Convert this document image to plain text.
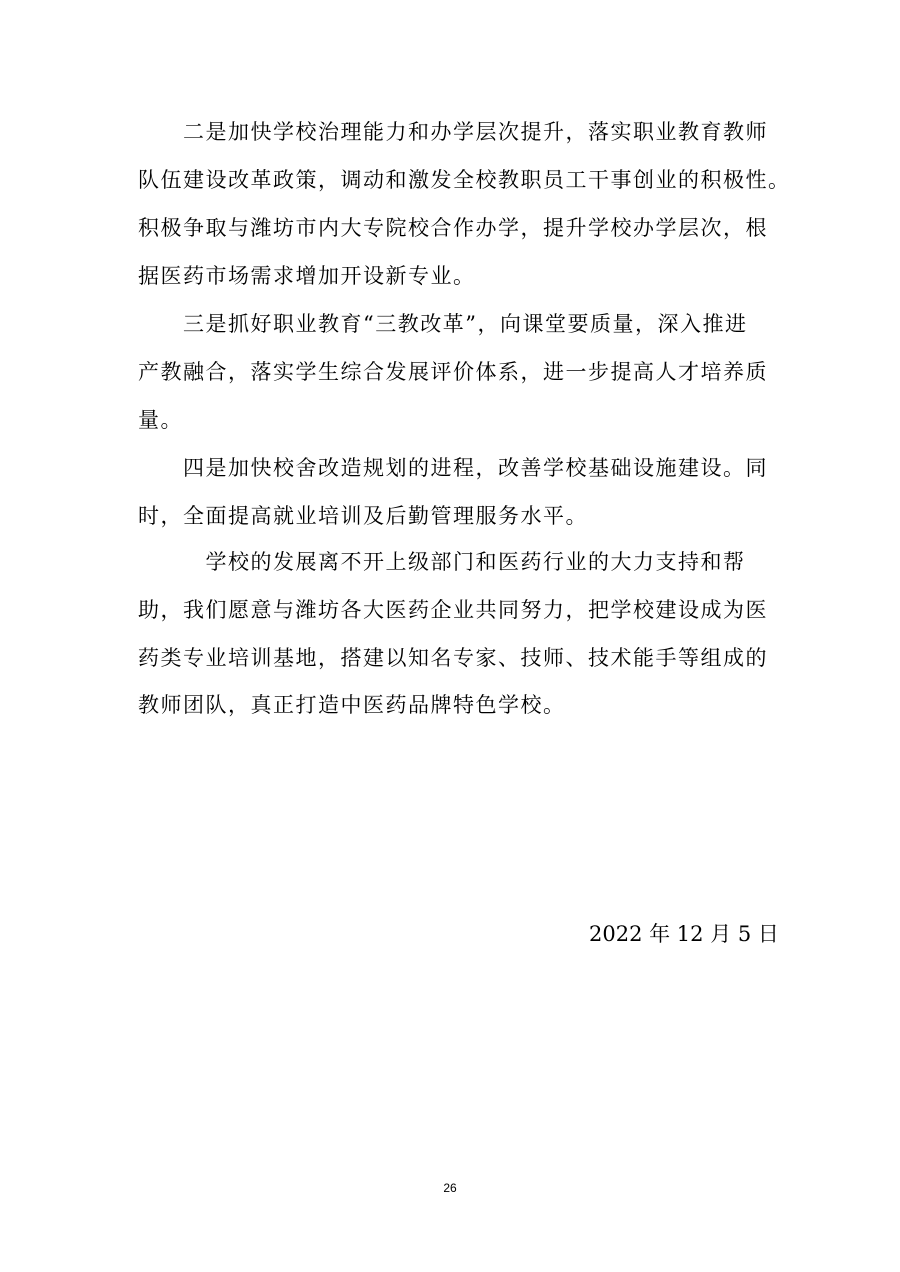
　　二是加快学校治理能力和办学层次提升，落实职业教育教师
队伍建设改革政策，调动和激发全校教职员工干事创业的积极性。
积极争取与潍坊市内大专院校合作办学，提升学校办学层次，根
据医药市场需求增加开设新专业。
　　三是抓好职业教育“三教改革”，向课堂要质量，深入推进
产教融合，落实学生综合发展评价体系，进一步提高人才培养质
量。
　　四是加快校舍改造规划的进程，改善学校基础设施建设。同
时，全面提高就业培训及后勤管理服务水平。
　　　学校的发展离不开上级部门和医药行业的大力支持和帮
助，我们愿意与潍坊各大医药企业共同努力，把学校建设成为医
药类专业培训基地，搭建以知名专家、技师、技术能手等组成的
教师团队，真正打造中医药品牌特色学校。
2022 年 12 月 5 日
26
